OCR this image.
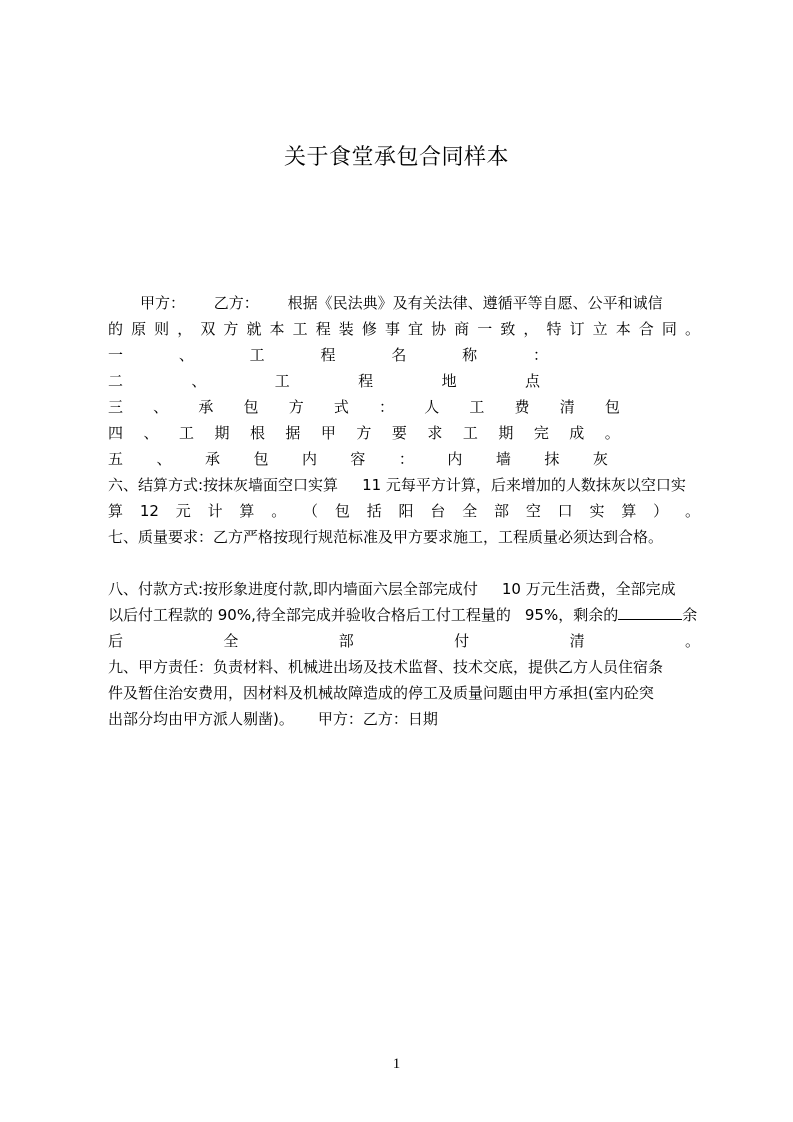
关于食堂承包合同样本
甲方： 乙方： 根据《民法典》及有关法律、遵循平等自愿、公平和诚信
的 原 则 ， 双 方 就 本 工 程 装 修 事 宜 协 商 一 致 ， 特 订 立 本 合 同 。
一	、	工	程	名	称	：
二	、	工	程	地	点
三 、 承 包 方 式 ： 人 工 费 清 包
四 、 工 期 根 据 甲 方 要 求 工 期 完 成 。
五 、 承 包 内 容 ： 内 墙 抹 灰
六、结算方式:按抹灰墙面空口实算 11 元每平方计算，后来增加的人数抹灰以空口实
算 12 元 计 算 。 （ 包 括 阳 台 全 部 空 口 实 算 ） 。
七、质量要求：乙方严格按现行规范标准及甲方要求施工，工程质量必须达到合格。
八、付款方式:按形象进度付款,即内墙面六层全部完成付 10 万元生活费，全部完成
以后付工程款的 90%,待全部完成并验收合格后工付工程量的 95%，剩余的	余
后	全	部	付	清	。
九、甲方责任：负责材料、机械进出场及技术监督、技术交底，提供乙方人员住宿条
件及暂住治安费用，因材料及机械故障造成的停工及质量问题由甲方承担(室内砼突
出部分均由甲方派人剔凿)。 甲方：乙方：日期
1
